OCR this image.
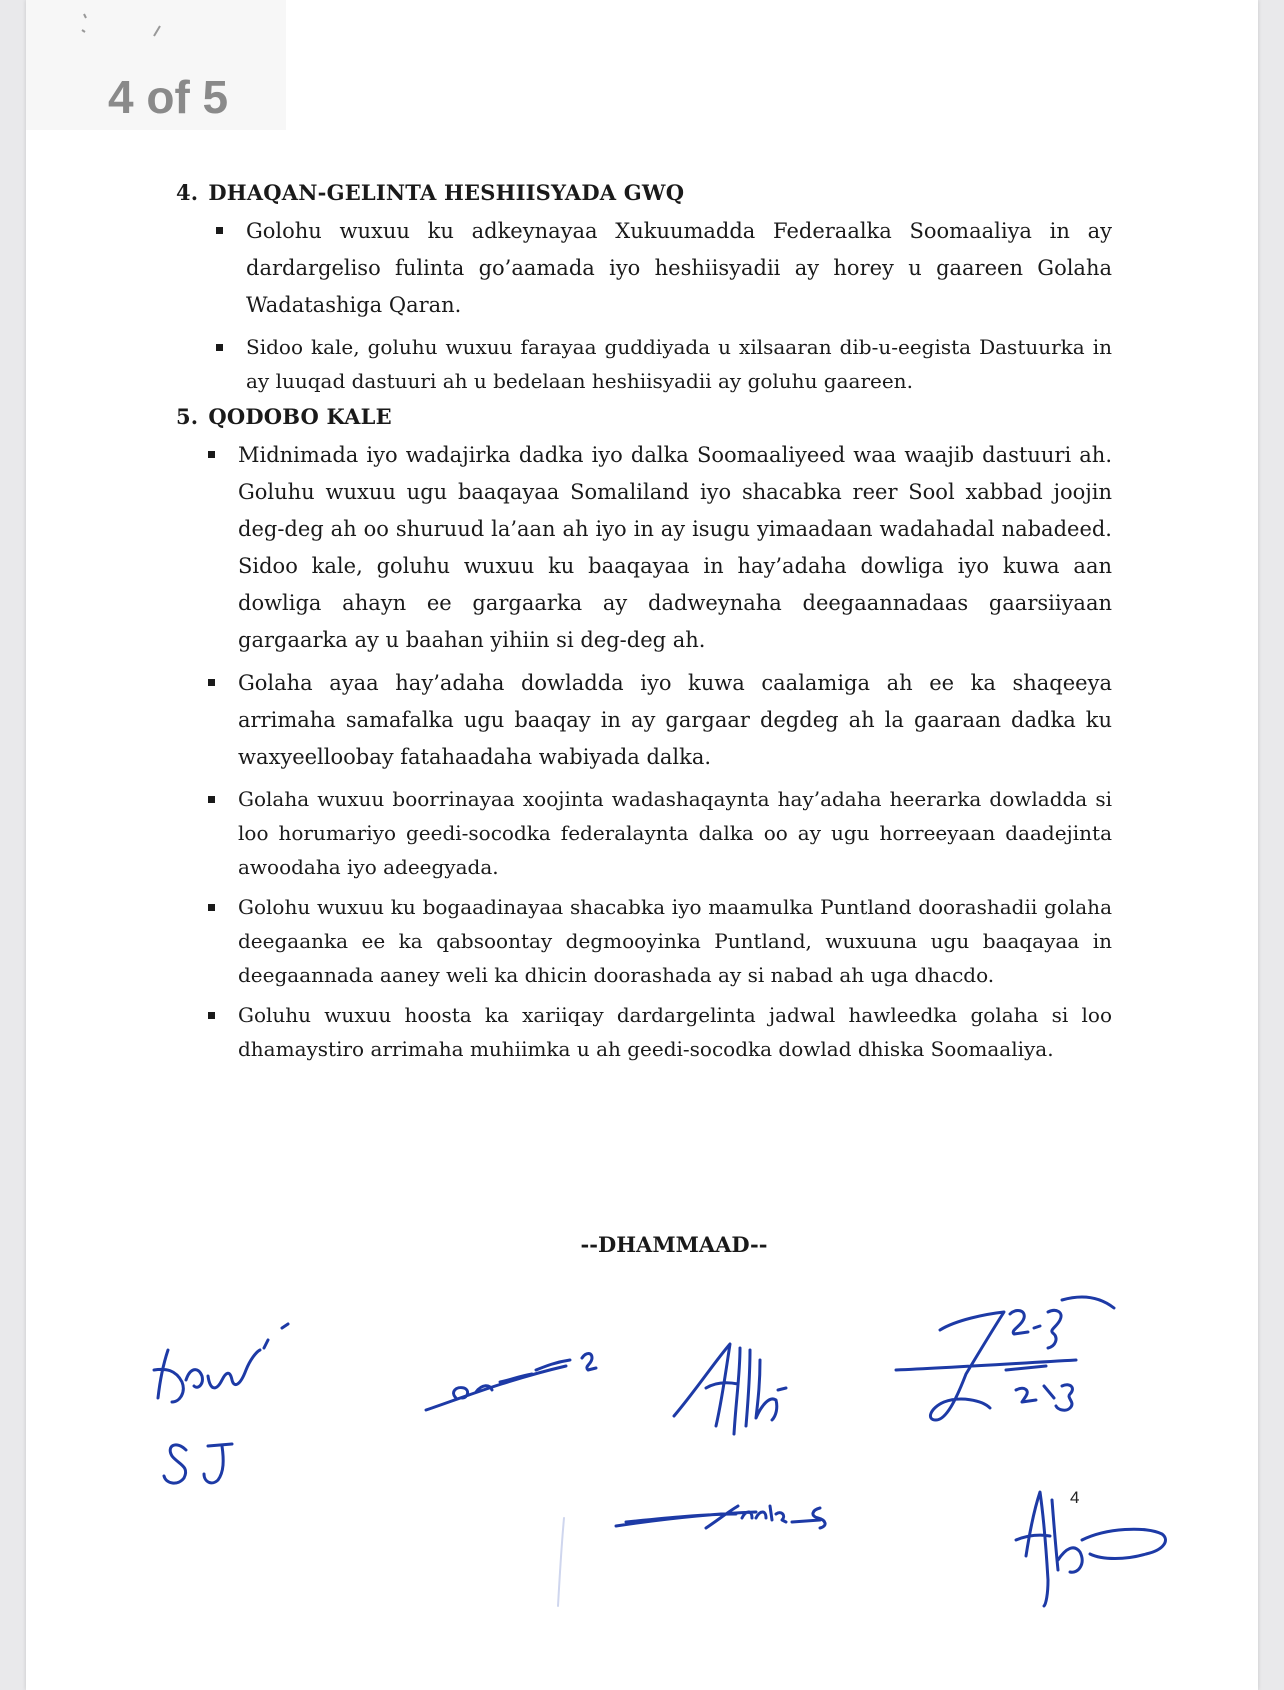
4 of 5
4. DHAQAN-GELINTA HESHIISYADA GWQ
Golohu wuxuu ku adkeynayaa Xukuumadda Federaalka Soomaaliya in ay dardargeliso fulinta go’aamada iyo heshiisyadii ay horey u gaareen Golaha Wadatashiga Qaran.
Sidoo kale, goluhu wuxuu farayaa guddiyada u xilsaaran dib-u-eegista Dastuurka in ay luuqad dastuuri ah u bedelaan heshiisyadii ay goluhu gaareen.
5. QODOBO KALE
Midnimada iyo wadajirka dadka iyo dalka Soomaaliyeed waa waajib dastuuri ah. Goluhu wuxuu ugu baaqayaa Somaliland iyo shacabka reer Sool xabbad joojin deg-deg ah oo shuruud la’aan ah iyo in ay isugu yimaadaan wadahadal nabadeed. Sidoo kale, goluhu wuxuu ku baaqayaa in hay’adaha dowliga iyo kuwa aan dowliga ahayn ee gargaarka ay dadweynaha deegaannadaas gaarsiiyaan gargaarka ay u baahan yihiin si deg-deg ah.
Golaha ayaa hay’adaha dowladda iyo kuwa caalamiga ah ee ka shaqeeya arrimaha samafalka ugu baaqay in ay gargaar degdeg ah la gaaraan dadka ku waxyeelloobay fatahaadaha wabiyada dalka.
Golaha wuxuu boorrinayaa xoojinta wadashaqaynta hay’adaha heerarka dowladda si loo horumariyo geedi-socodka federalaynta dalka oo ay ugu horreeyaan daadejinta awoodaha iyo adeegyada.
Golohu wuxuu ku bogaadinayaa shacabka iyo maamulka Puntland doorashadii golaha deegaanka ee ka qabsoontay degmooyinka Puntland, wuxuuna ugu baaqayaa in deegaannada aaney weli ka dhicin doorashada ay si nabad ah uga dhacdo.
Goluhu wuxuu hoosta ka xariiqay dardargelinta jadwal hawleedka golaha si loo dhamaystiro arrimaha muhiimka u ah geedi-socodka dowlad dhiska Soomaaliya.
--DHAMMAAD--
4
